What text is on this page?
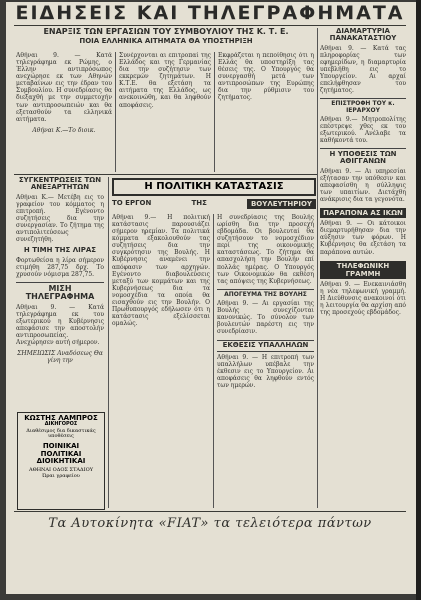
ΕΙΔΗΣΕΙΣ ΚΑΙ ΤΗΛΕΓΡΑΦΗΜΑΤΑ
ΕΝΑΡΞΙΣ ΤΩΝ ΕΡΓΑΣΙΩΝ ΤΟΥ ΣΥΜΒΟΥΛΙΟΥ ΤΗΣ Κ. Τ. Ε.
ΠΟΙΑ ΕΛΛΗΝΙΚΑ ΑΙΤΗΜΑΤΑ ΘΑ ΥΠΟΣΤΗΡΙΞΗ
Αθήναι 9. — Κατά τηλεγράφημα εκ Ρώμης, ο Έλλην αντιπρόσωπος ανεχώρησε εκ των Αθηνών μεταβαίνων εις την έδραν του Συμβουλίου. Η συνεδρίασις θα διεξαχθή με την συμμετοχήν των αντιπροσωπειών και θα εξετασθούν τα ελληνικά αιτήματα.
Αθήναι Κ.—Το διοικ.
Συνέρχονται αι επιτροπαί της Ελλάδος και της Γερμανίας δια την συζήτησιν των εκκρεμών ζητημάτων. Η Κ.Τ.Ε. θα εξετάση τα αιτήματα της Ελλάδος, ως ανεκοινώθη, και θα ληφθούν αποφάσεις.
Εκφράζεται η πεποίθησις ότι η Ελλάς θα υποστηρίξη τας θέσεις της. Ο Υπουργός θα συνεργασθή μετά των αντιπροσώπων της Ευρώπης δια την ρύθμισιν του ζητήματος.
ΔΙΑΜΑΡΤΥΡΙΑ ΠΑΝΑΚΑΤΑΣΤΙΟΥ
Αθήναι 9. — Κατά τας πληροφορίας των εφημερίδων, η διαμαρτυρία υπεβλήθη εις το Υπουργείον. Αι αρχαί επελήφθησαν του ζητήματος.
ΕΠΙΣΤΡΟΦΗ ΤΟΥ κ. ΙΕΡΑΡΧΟΥ
Αθήναι 9.— Μητροπολίτης επέστρεψε χθες εκ του εξωτερικού. Ανέλαβε τα καθήκοντά του.
Η ΥΠΟΘΕΣΙΣ ΤΩΝ ΑΘΙΓΓΑΝΩΝ
Αθήναι 9. — Αι υπηρεσίαι εξήτασαν την υπόθεσιν και απεφασίσθη η σύλληψις των υπαιτίων. Διετάχθη ανάκρισις δια τα γεγονότα.
ΠΑΡΑΠΟΝΑ ΑΣ ΙΚΩΝ
Αθήναι 9. — Οι κάτοικοι διεμαρτυρήθησαν δια την αύξησιν των φόρων. Η Κυβέρνησις θα εξετάση τα παράπονα αυτών.
ΤΗΛΕΦΩΝΙΚΗ ΓΡΑΜΜΗ
Αθήναι 9. — Ενεκαινιάσθη η νέα τηλεφωνική γραμμή. Η Διεύθυνσις ανακοινοί ότι η λειτουργία θα αρχίση από της προσεχούς εβδομάδος.
ΣΥΓΚΕΝΤΡΩΣΕΙΣ ΤΩΝ ΑΝΕΞΑΡΤΗΤΩΝ
Αθήναι Κ.— Μετέβη εις το γραφείον του κόμματος η επιτροπή. Εγένοντο συζητήσεις δια την συνεργασίαν. Το ζήτημα της αντιπολιτεύσεως συνεζητήθη.
Η ΤΙΜΗ ΤΗΣ ΛΙΡΑΣ
Φορτωθείσα η λίρα σήμερον ετιμήθη 287,75 δρχ. Το χρυσούν νόμισμα 287,75.
ΜΙΣΗ ΤΗΛΕΓΡΑΦΗΜΑ
Αθήναι 9. — Κατά τηλεγράφημα εκ του εξωτερικού η Κυβέρνησις απεφάσισε την αποστολήν αντιπροσωπείας. Ανεχώρησεν αυτή σήμερον.
ΣΗΜΕΙΩΣΙΣ Αναδόσεως Θα γίνη την
ΚΩΣΤΗΣ ΛΑΜΠΡΟΣ
ΔΙΚΗΓΟΡΟΣ
Διαθέσιμος δια δικαστικάς υποθέσεις
ΠΟΙΝΙΚΑΙ
ΠΟΛΙΤΙΚΑΙ
ΔΙΟΙΚΗΤΙΚΑΙ
ΑΘΗΝΑΙ ΟΔΟΣ ΣΤΑΔΙΟΥ
Ώραι γραφείου
Η ΠΟΛΙΤΙΚΗ ΚΑΤΑΣΤΑΣΙΣ
ΤΟ ΕΡΓΟΝ	ΤΗΣ	ΒΟΥΛΕΥΤΗΡΙΟΥ
Αθήναι 9.— Η πολιτική κατάστασις παρουσιάζει σήμερον ηρεμίαν. Τα πολιτικά κόμματα εξακολουθούν τας συζητήσεις δια την συγκρότησιν της Βουλής. Η Κυβέρνησις αναμένει την απόφασιν των αρχηγών. Εγένοντο διαβουλεύσεις μεταξύ των κομμάτων και της Κυβερνήσεως δια τα νομοσχέδια τα οποία θα εισαχθούν εις την Βουλήν. Ο Πρωθυπουργός εδήλωσεν ότι η κατάστασις εξελίσσεται ομαλώς.
Η συνεδρίασις της Βουλής ωρίσθη δια την προσεχή εβδομάδα. Οι βουλευταί θα συζητήσουν το νομοσχέδιον περί της οικονομικής καταστάσεως. Το ζήτημα θα απασχολήση την Βουλήν επί πολλάς ημέρας. Ο Υπουργός των Οικονομικών θα εκθέση τας απόψεις της Κυβερνήσεως.
ΑΠΟΓΕΥΜΑ ΤΗΣ ΒΟΥΛΗΣ
Αθήναι 9. — Αι εργασίαι της Βουλής συνεχίζονται κανονικώς. Το σύνολον των βουλευτών παρέστη εις την συνεδρίασιν.
ΕΚΘΕΣΙΣ ΥΠΑΛΛΗΛΩΝ
Αθήναι 9. — Η επιτροπή των υπαλλήλων υπέβαλε την έκθεσιν εις το Υπουργείον. Αι αποφάσεις θα ληφθούν εντός των ημερών.
Τα Αυτοκίνητα «FIAT» τα τελειότερα πάντων
